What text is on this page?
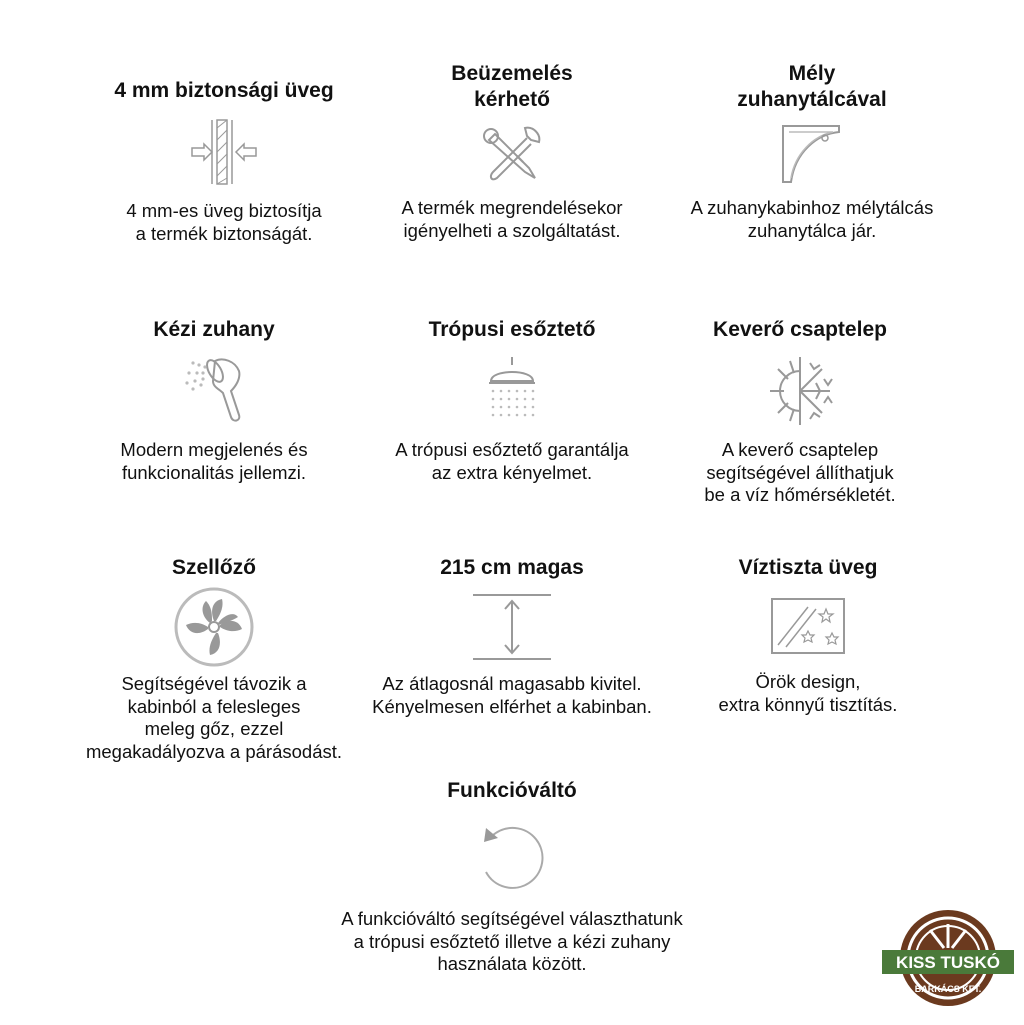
4 mm biztonsági üveg

4 mm-es üveg biztosítja
a termék biztonságát.

Beüzemelés
kérhető

A termék megrendelésekor
igényelheti a szolgáltatást.

Mély
zuhanytálcával

A zuhanykabinhoz mélytálcás
zuhanytálca jár.

Kézi zuhany

Modern megjelenés és
funkcionalitás jellemzi.

Trópusi esőztető

A trópusi esőztető garantálja
az extra kényelmet.

Keverő csaptelep

A keverő csaptelep
segítségével állíthatjuk
be a víz hőmérsékletét.

Szellőző

Segítségével távozik a
kabinból a felesleges
meleg gőz, ezzel
megakadályozva a párásodást.

215 cm magas

Az átlagosnál magasabb kivitel.
Kényelmesen elférhet a kabinban.

Víztiszta üveg

Örök design,
extra könnyű tisztítás.

Funkcióváltó

A funkcióváltó segítségével választhatunk
a trópusi esőztető illetve a kézi zuhany
használata között.	KISS TUSKÓ
BARKÁCS KFT.
